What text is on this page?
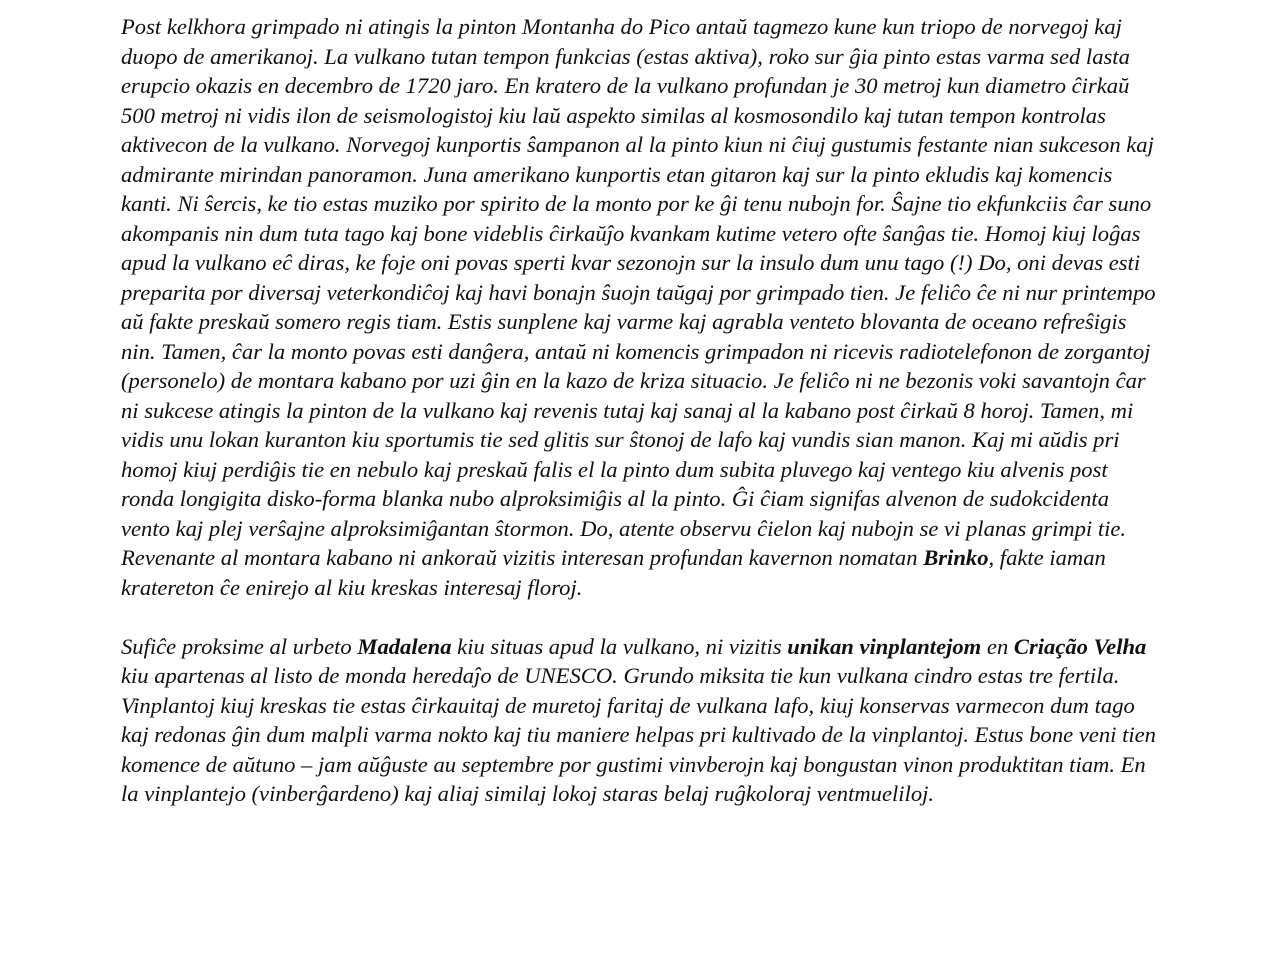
Post kelkhora grimpado ni atingis la pinton Montanha do Pico antaŭ tagmezo kune kun triopo de norvegoj kaj duopo de amerikanoj. La vulkano tutan tempon funkcias (estas aktiva), roko sur ĝia pinto estas varma sed lasta erupcio okazis en decembro de 1720 jaro. En kratero de la vulkano profundan je 30 metroj kun diametro ĉirkaŭ 500 metroj ni vidis ilon de seismologistoj kiu laŭ aspekto similas al kosmosondilo kaj tutan tempon kontrolas aktivecon de la vulkano. Norvegoj kunportis ŝampanon al la pinto kiun ni ĉiuj gustumis festante nian sukceson kaj admirante mirindan panoramon. Juna amerikano kunportis etan gitaron kaj sur la pinto ekludis kaj komencis kanti. Ni ŝercis, ke tio estas muziko por spirito de la monto por ke ĝi tenu nubojn for. Ŝajne tio ekfunkciis ĉar suno akompanis nin dum tuta tago kaj bone videblis ĉirkaŭĵo kvankam kutime vetero ofte ŝanĝas tie. Homoj kiuj loĝas apud la vulkano eĉ diras, ke foje oni povas sperti kvar sezonojn sur la insulo dum unu tago (!) Do, oni devas esti preparita por diversaj veterkondiĉoj kaj havi bonajn ŝuojn taŭgaj por grimpado tien. Je feliĉo ĉe ni nur printempo aŭ fakte preskaŭ somero regis tiam. Estis sunplene kaj varme kaj agrabla venteto blovanta de oceano refreŝigis nin. Tamen, ĉar la monto povas esti danĝera, antaŭ ni komencis grimpadon ni ricevis radiotelefonon de zorgantoj (personelo) de montara kabano por uzi ĝin en la kazo de kriza situacio. Je feliĉo ni ne bezonis voki savantojn ĉar ni sukcese atingis la pinton de la vulkano kaj revenis tutaj kaj sanaj al la kabano post ĉirkaŭ 8 horoj. Tamen, mi vidis unu lokan kuranton kiu sportumis tie sed glitis sur ŝtonoj de lafo kaj vundis sian manon. Kaj mi aŭdis pri homoj kiuj perdiĝis tie en nebulo kaj preskaŭ falis el la pinto dum subita pluvego kaj ventego kiu alvenis post ronda longigita disko-forma blanka nubo alproksimiĝis al la pinto. Ĝi ĉiam signifas alvenon de sudokcidenta vento kaj plej verŝajne alproksimiĝantan ŝtormon. Do, atente observu ĉielon kaj nubojn se vi planas grimpi tie. Revenante al montara kabano ni ankoraŭ vizitis interesan profundan kavernon nomatan Brinko, fakte iaman kratereton ĉe enirejo al kiu kreskas interesaj floroj.

Sufiĉe proksime al urbeto Madalena kiu situas apud la vulkano, ni vizitis unikan vinplantejom en Criação Velha kiu apartenas al listo de monda heredaĵo de UNESCO. Grundo miksita tie kun vulkana cindro estas tre fertila. Vinplantoj kiuj kreskas tie estas ĉirkauitaj de muretoj faritaj de vulkana lafo, kiuj konservas varmecon dum tago kaj redonas ĝin dum malpli varma nokto kaj tiu maniere helpas pri kultivado de la vinplantoj. Estus bone veni tien komence de aŭtuno – jam aŭĝuste au septembre por gustimi vinvberojn kaj bongustan vinon produktitan tiam. En la vinplantejo (vinberĝardeno) kaj aliaj similaj lokoj staras belaj ruĝkoloraj ventmueliloj.
